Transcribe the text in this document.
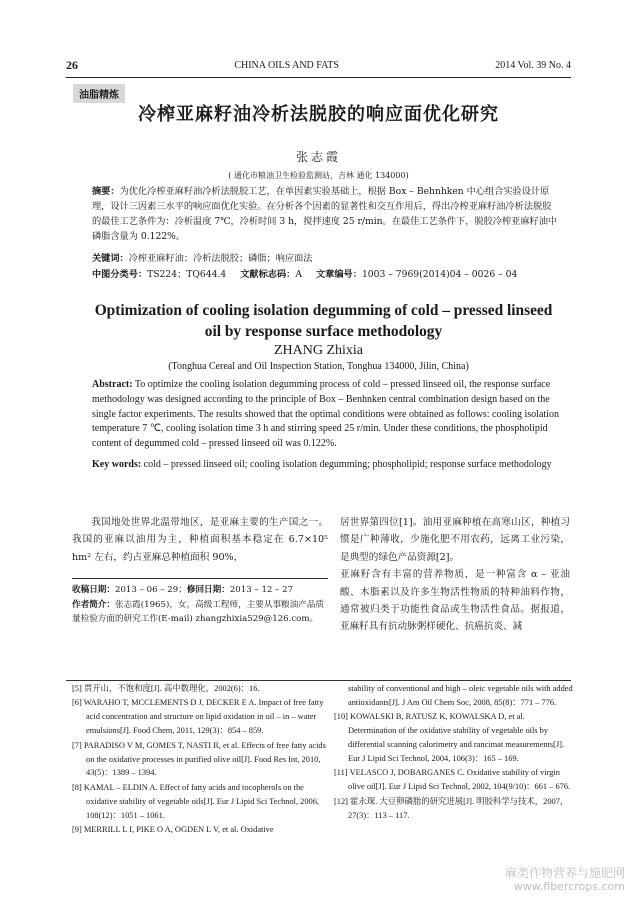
26	CHINA OILS AND FATS	2014 Vol. 39 No. 4
油脂精炼
冷榨亚麻籽油冷析法脱胶的响应面优化研究
张志霞
( 通化市粮油卫生检验监测站，吉林 通化 134000)
摘要：为优化冷榨亚麻籽油冷析法脱胶工艺，在单因素实验基础上，根据 Box – Behnhken 中心组合实验设计原理，设计三因素三水平的响应面优化实验。在分析各个因素的显著性和交互作用后，得出冷榨亚麻籽油冷析法脱胶的最佳工艺条件为：冷析温度 7℃，冷析时间 3 h，搅拌速度 25 r/min。在最佳工艺条件下，脱胶冷榨亚麻籽油中磷脂含量为 0.122%。
关键词：冷榨亚麻籽油；冷析法脱胶；磷脂；响应面法
中图分类号：TS224；TQ644.4 文献标志码：A 文章编号：1003 – 7969(2014)04 – 0026 – 04
Optimization of cooling isolation degumming of cold – pressed linseed oil by response surface methodology
ZHANG Zhixia
(Tonghua Cereal and Oil Inspection Station, Tonghua 134000, Jilin, China)
Abstract: To optimize the cooling isolation degumming process of cold – pressed linseed oil, the response surface methodology was designed according to the principle of Box – Benhnken central combination design based on the single factor experiments. The results showed that the optimal conditions were obtained as follows: cooling isolation temperature 7 ℃, cooling isolation time 3 h and stirring speed 25 r/min. Under these conditions, the phospholipid content of degummed cold – pressed linseed oil was 0.122%.
Key words: cold – pressed linseed oil; cooling isolation degumming; phospholipid; response surface methodology
我国地处世界北温带地区，是亚麻主要的生产国之一。我国的亚麻以油用为主，种植面积基本稳定在 6.7×10⁵ hm² 左右，约占亚麻总种植面积 90%，
居世界第四位[1]。油用亚麻种植在高寒山区，种植习惯是广种薄收，少施化肥不用农药，远离工业污染，是典型的绿色产品资源[2]。
亚麻籽含有丰富的营养物质，是一种富含 α – 亚油酸、木脂素以及许多生物活性物质的特种油料作物，通常被归类于功能性食品或生物活性食品。据报道，亚麻籽具有抗动脉粥样硬化、抗癌抗炎、减
收稿日期：2013 – 06 – 29；修回日期：2013 – 12 – 27
作者简介：张志霞(1965)，女，高级工程师，主要从事粮油产品质量检验方面的研究工作(E-mail) zhangzhixia529@126.com。
[5] 贾开山，不饱和度[J]. 高中数理化，2002(6)：16.
[6] WARAHO T, MCCLEMENTS D J, DECKER E A. Impact of free fatty acid concentration and structure on lipid oxidation in oil – in – water emulsions[J]. Food Chem, 2011, 129(3)：854 – 859.
[7] PARADISO V M, GOMES T, NASTI R, et al. Effects of free fatty acids on the oxidative processes in purified olive oil[J]. Food Res Int, 2010, 43(5)：1389 – 1394.
[8] KAMAL – ELDIN A. Effect of fatty acids and tocopherols on the oxidative stability of vegetable oils[J]. Eur J Lipid Sci Technol, 2006, 108(12)：1051 – 1061.
[9] MERRILL L I, PIKE O A, OGDEN L V, et al. Oxidative
stability of conventional and high – oleic vegetable oils with added antioxidants[J]. J Am Oil Chem Soc, 2008, 85(8)：771 – 776.
[10] KOWALSKI B, RATUSZ K, KOWALSKA D, et al. Determination of the oxidative stability of vegetable oils by differential scanning calorimetry and rancimat measurements[J]. Eur J Lipid Sci Technol, 2004, 106(3)：165 – 169.
[11] VELASCO J, DOBARGANES C. Oxidative stability of virgin olive oil[J]. Eur J Lipid Sci Technol, 2002, 104(9/10)：661 – 676.
[12] 霍永琛. 大豆卵磷脂的研究进展[J]. 明胶科学与技术，2007，27(3)：113 – 117.
麻类作物营养与施肥网
www.fibercrops.com
